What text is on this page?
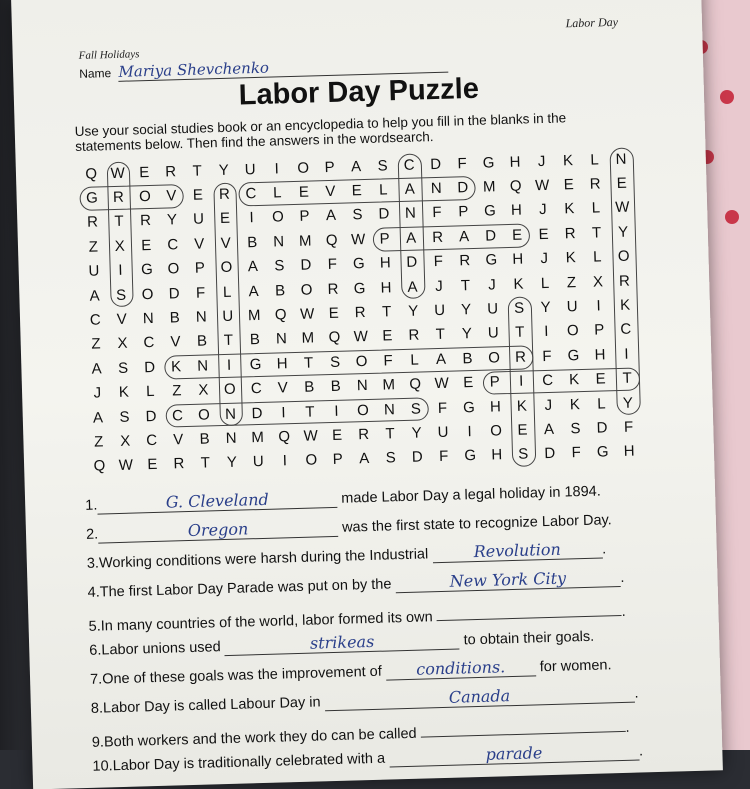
Labor Day
Fall Holidays
Name Mariya Shevchenko
Labor Day Puzzle
Use your social studies book or an encyclopedia to help you fill in the blanks in the statements below. Then find the answers in the wordsearch.
Q W E	R	T	Y	U	I	O	P	A	S	C	D	F	G H	J	K	L	N
G R O	V	E	R	C	L	E	V	E	L	A	N	D M Q W E	R	E
R	T	R	Y	U	E	I	O	P	A	S	D	N	F	P	G H	J	K	L W
Z	X	E	C	V	V	B	N M Q W P	A	R	A	D	E	E	R	T	Y
U	I	G O	P	O	A	S	D	F	G H	D	F	R G H	J	K	L	O
A	S	O D	F	L	A	B	O R G H	A	J	T	J	K	L	Z	X	R
C	V	N	B	N	U M Q W E	R	T	Y	U	Y	U	S	Y	U	I	K
Z	X	C	V	B	T	B	N M Q W E	R	T	Y	U	T	I	O	P	C
A	S	D	K	N	I	G H	T	S	O	F	L	A	B	O R	F	G H	I
J	K	L	Z	X	O C	V	B	B	N M Q W E	P	I	C	K	E	T
A	S	D	C O N	D	I	T	I	O N	S	F	G H	K	J	K	L	Y
Z	X	C	V	B	N M Q W E	R	T	Y	U	I	O	E	A	S	D	F
Q W E	R	T	Y	U	I	O	P	A	S	D	F	G H	S	D	F	G H
1.	G. Cleveland	made Labor Day a legal holiday in 1894.
2.	Oregon	was the first state to recognize Labor Day.
3.Working conditions were harsh during the Industrial	Revolution	.
4.The first Labor Day Parade was put on by the	New York City	.
5.In many countries of the world, labor formed its own	.
6.Labor unions used	strikeas	to obtain their goals.
7.One of these goals was the improvement of conditions. for women.
8.Labor Day is called Labour Day in	Canada	.
9.Both workers and the work they do can be called	.
10.Labor Day is traditionally celebrated with a	parade	.
